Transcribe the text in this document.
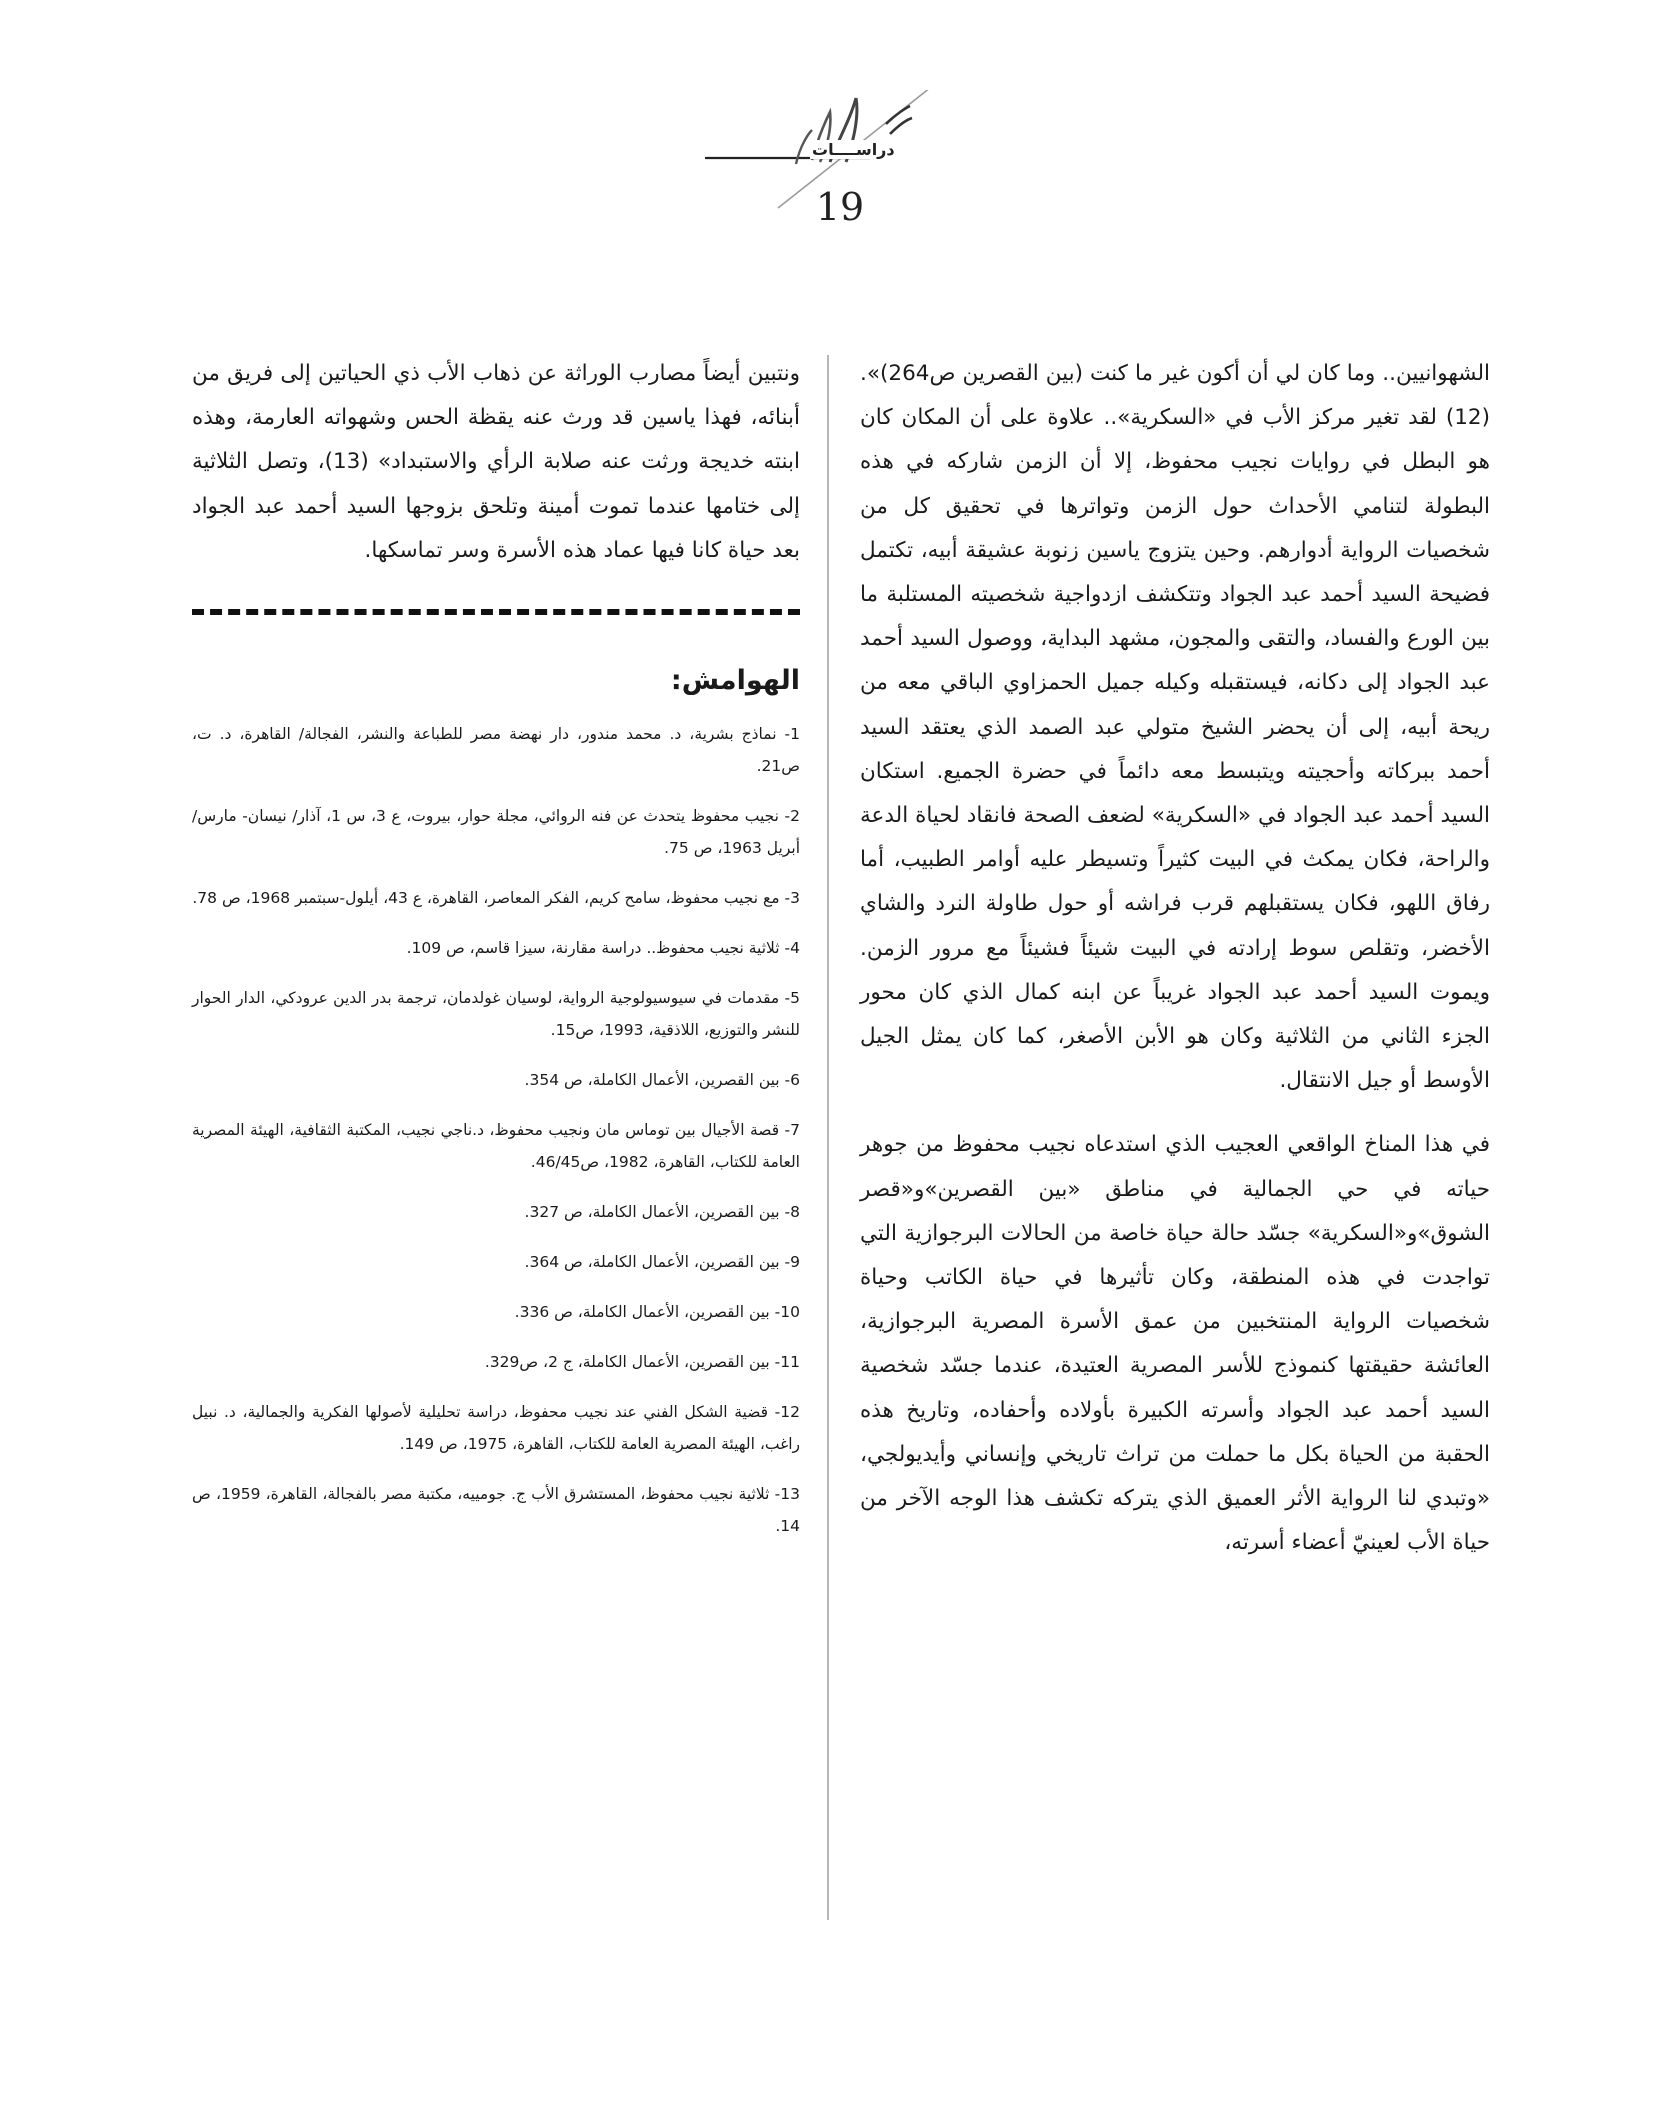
دراســــات
19

الشهوانيين.. وما كان لي أن أكون غير ما كنت (بين القصرين ص264)». (12) لقد تغير مركز الأب في «السكرية».. علاوة على أن المكان كان هو البطل في روايات نجيب محفوظ، إلا أن الزمن شاركه في هذه البطولة لتنامي الأحداث حول الزمن وتواترها في تحقيق كل من شخصيات الرواية أدوارهم. وحين يتزوج ياسين زنوبة عشيقة أبيه، تكتمل فضيحة السيد أحمد عبد الجواد وتتكشف ازدواجية شخصيته المستلبة ما بين الورع والفساد، والتقى والمجون، مشهد البداية، ووصول السيد أحمد عبد الجواد إلى دكانه، فيستقبله وكيله جميل الحمزاوي الباقي معه من ريحة أبيه، إلى أن يحضر الشيخ متولي عبد الصمد الذي يعتقد السيد أحمد ببركاته وأحجيته ويتبسط معه دائماً في حضرة الجميع. استكان السيد أحمد عبد الجواد في «السكرية» لضعف الصحة فانقاد لحياة الدعة والراحة، فكان يمكث في البيت كثيراً وتسيطر عليه أوامر الطبيب، أما رفاق اللهو، فكان يستقبلهم قرب فراشه أو حول طاولة النرد والشاي الأخضر، وتقلص سوط إرادته في البيت شيئاً فشيئاً مع مرور الزمن. ويموت السيد أحمد عبد الجواد غريباً عن ابنه كمال الذي كان محور الجزء الثاني من الثلاثية وكان هو الأبن الأصغر، كما كان يمثل الجيل الأوسط أو جيل الانتقال.

في هذا المناخ الواقعي العجيب الذي استدعاه نجيب محفوظ من جوهر حياته في حي الجمالية في مناطق «بين القصرين»و«قصر الشوق»و«السكرية» جسّد حالة حياة خاصة من الحالات البرجوازية التي تواجدت في هذه المنطقة، وكان تأثيرها في حياة الكاتب وحياة شخصيات الرواية المنتخبين من عمق الأسرة المصرية البرجوازية، العائشة حقيقتها كنموذج للأسر المصرية العتيدة، عندما جسّد شخصية السيد أحمد عبد الجواد وأسرته الكبيرة بأولاده وأحفاده، وتاريخ هذه الحقبة من الحياة بكل ما حملت من تراث تاريخي وإنساني وأيديولجي، «وتبدي لنا الرواية الأثر العميق الذي يتركه تكشف هذا الوجه الآخر من حياة الأب لعينيّ أعضاء أسرته،

ونتبين أيضاً مصارب الوراثة عن ذهاب الأب ذي الحياتين إلى فريق من أبنائه، فهذا ياسين قد ورث عنه يقظة الحس وشهواته العارمة، وهذه ابنته خديجة ورثت عنه صلابة الرأي والاستبداد» (13)، وتصل الثلاثية إلى ختامها عندما تموت أمينة وتلحق بزوجها السيد أحمد عبد الجواد بعد حياة كانا فيها عماد هذه الأسرة وسر تماسكها.

الهوامش:
1- نماذج بشرية، د. محمد مندور، دار نهضة مصر للطباعة والنشر، الفجالة/ القاهرة، د. ت، ص21.
2- نجيب محفوظ يتحدث عن فنه الروائي، مجلة حوار، بيروت، ع 3، س 1، آذار/ نيسان- مارس/أبريل 1963، ص 75.
3- مع نجيب محفوظ، سامح كريم، الفكر المعاصر، القاهرة، ع 43، أيلول-سبتمبر 1968، ص 78.
4- ثلاثية نجيب محفوظ.. دراسة مقارنة، سيزا قاسم، ص 109.
5- مقدمات في سيوسيولوجية الرواية، لوسيان غولدمان، ترجمة بدر الدين عرودكي، الدار الحوار للنشر والتوزيع، اللاذقية، 1993، ص15.
6- بين القصرين، الأعمال الكاملة، ص 354.
7- قصة الأجيال بين توماس مان ونجيب محفوظ، د.ناجي نجيب، المكتبة الثقافية، الهيئة المصرية العامة للكتاب، القاهرة، 1982، ص46/45.
8- بين القصرين، الأعمال الكاملة، ص 327.
9- بين القصرين، الأعمال الكاملة، ص 364.
10- بين القصرين، الأعمال الكاملة، ص 336.
11- بين القصرين، الأعمال الكاملة، ج 2، ص329.
12- قضية الشكل الفني عند نجيب محفوظ، دراسة تحليلية لأصولها الفكرية والجمالية، د. نبيل راغب، الهيئة المصرية العامة للكتاب، القاهرة، 1975، ص 149.
13- ثلاثية نجيب محفوظ، المستشرق الأب ج. جومييه، مكتبة مصر بالفجالة، القاهرة، 1959، ص 14.
